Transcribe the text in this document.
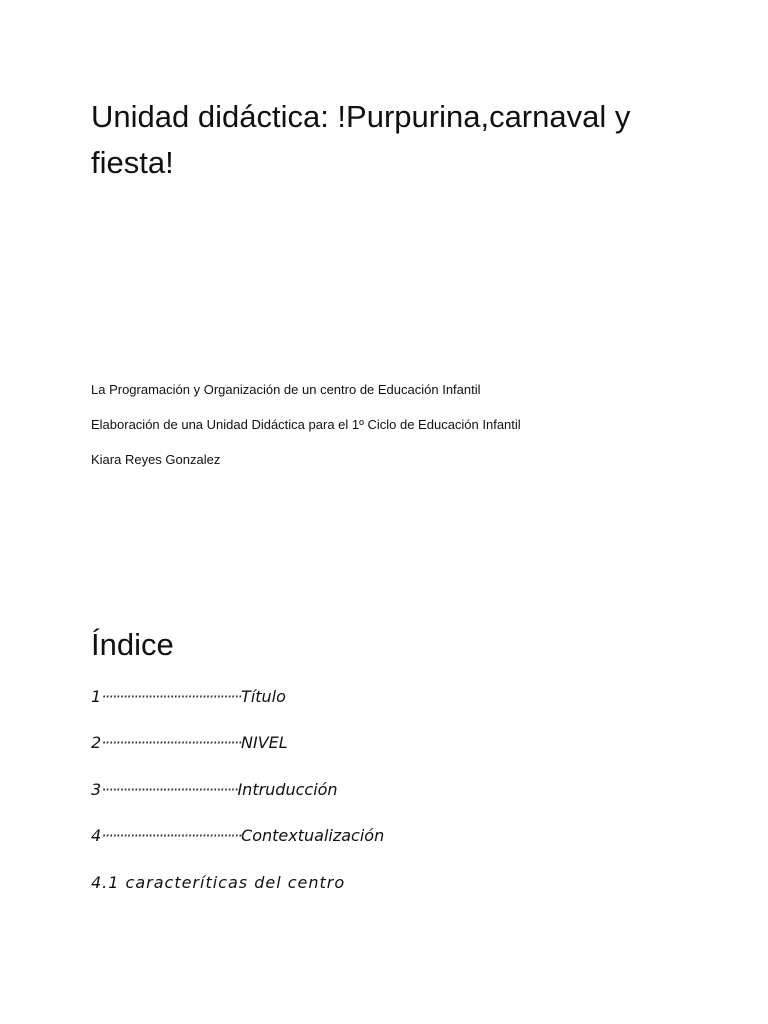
Unidad didáctica: !Purpurina,carnaval y fiesta!
La Programación y Organización de un centro de Educación Infantil
Elaboración de una Unidad Didáctica para el 1º Ciclo de Educación Infantil
Kiara Reyes Gonzalez
Índice
1·······································Título
2·······································NIVEL
3······································Intruducción
4·······································Contextualización
4.1 caracteríticas del centro
